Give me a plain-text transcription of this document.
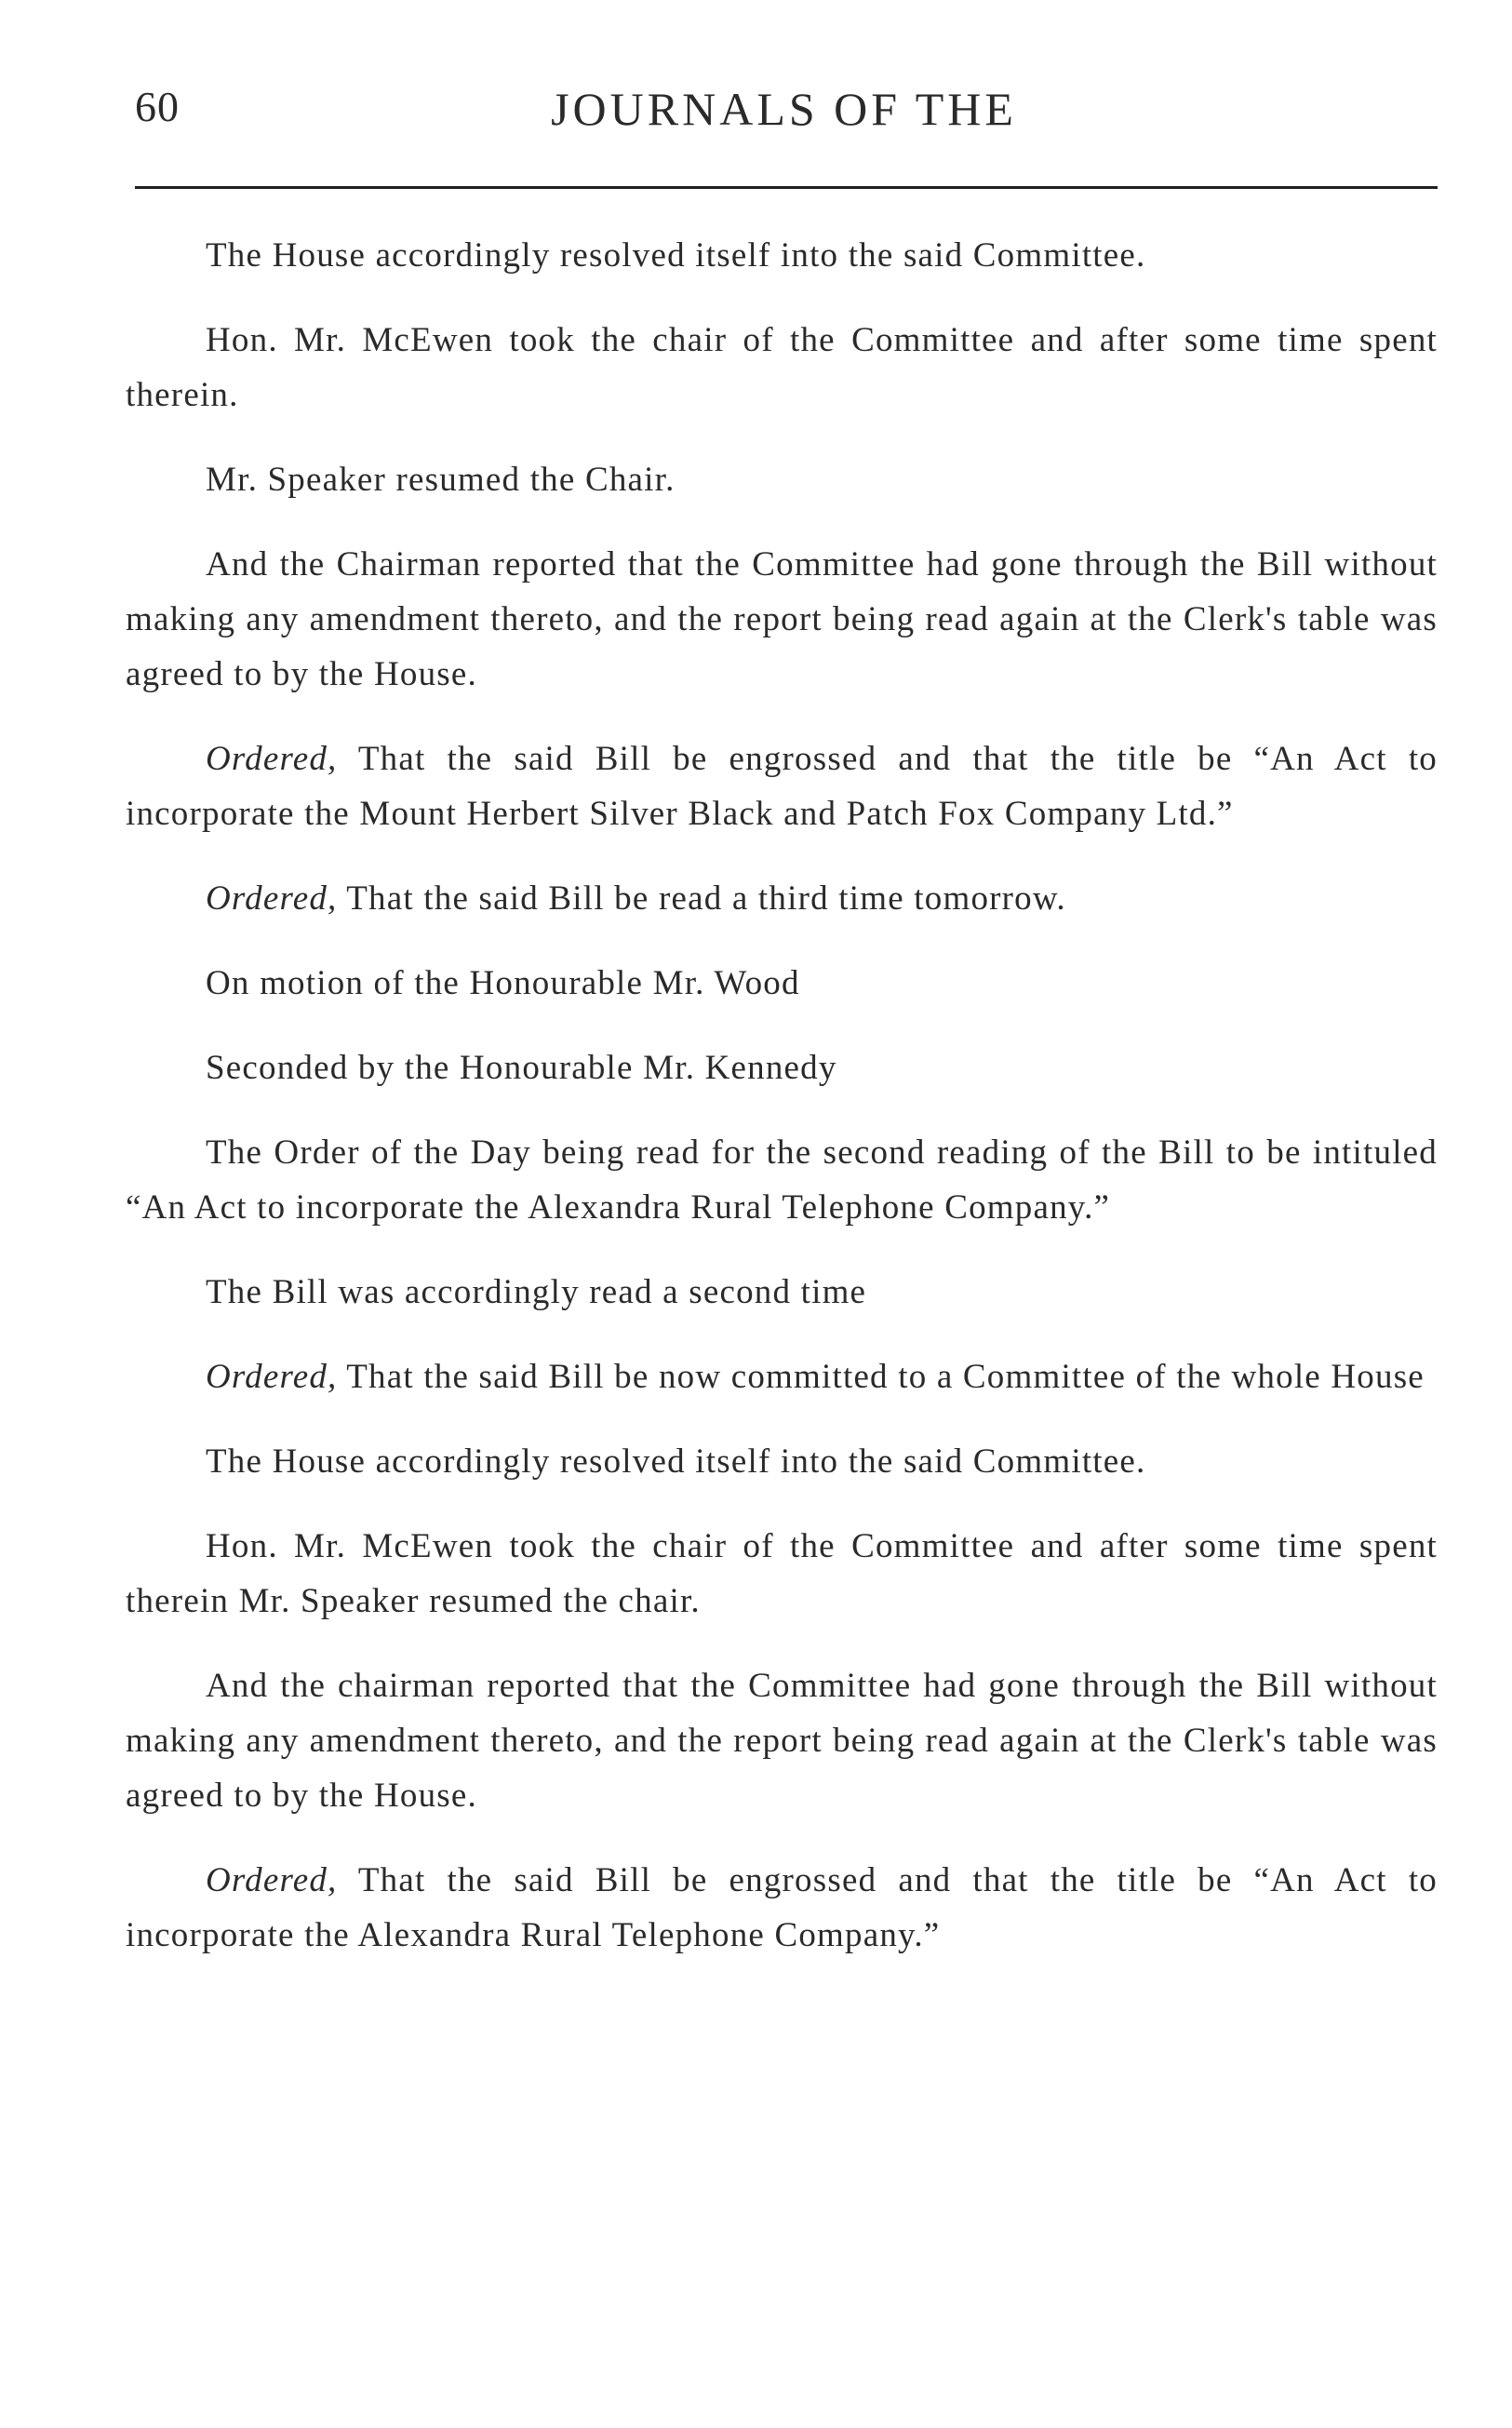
60	JOURNALS OF THE

The House accordingly resolved itself into the said Committee.

Hon. Mr. McEwen took the chair of the Committee and after some time spent therein.

Mr. Speaker resumed the Chair.

And the Chairman reported that the Committee had gone through the Bill without making any amendment thereto, and the report being read again at the Clerk's table was agreed to by the House.

Ordered, That the said Bill be engrossed and that the title be “An Act to incorporate the Mount Herbert Silver Black and Patch Fox Company Ltd.”

Ordered, That the said Bill be read a third time tomorrow.

On motion of the Honourable Mr. Wood

Seconded by the Honourable Mr. Kennedy

The Order of the Day being read for the second reading of the Bill to be intituled “An Act to incorporate the Alexandra Rural Telephone Company.”

The Bill was accordingly read a second time

Ordered, That the said Bill be now committed to a Committee of the whole House

The House accordingly resolved itself into the said Committee.

Hon. Mr. McEwen took the chair of the Committee and after some time spent therein Mr. Speaker resumed the chair.

And the chairman reported that the Committee had gone through the Bill without making any amendment thereto, and the report being read again at the Clerk's table was agreed to by the House.

Ordered, That the said Bill be engrossed and that the title be “An Act to incorporate the Alexandra Rural Telephone Company.”
